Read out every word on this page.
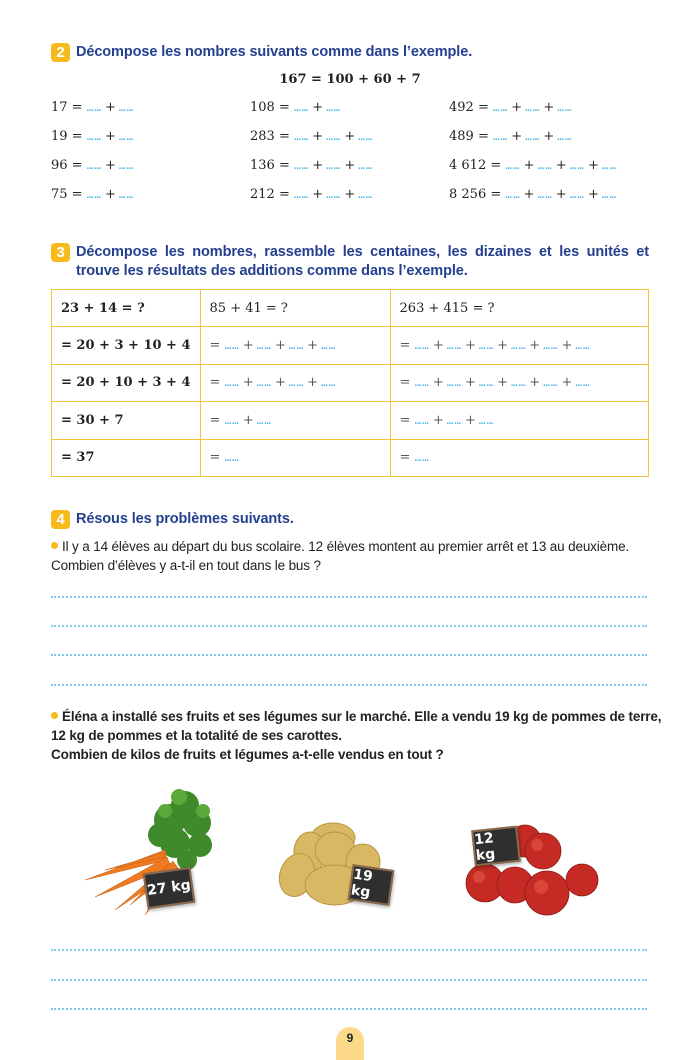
2 Décompose les nombres suivants comme dans l’exemple.
167 = 100 + 60 + 7
17 = …… + ……
19 = …… + ……
96 = …… + ……
75 = …… + ……
108 = …… + ……
283 = …… + …… + ……
136 = …… + …… + ……
212 = …… + …… + ……
492 = …… + …… + ……
489 = …… + …… + ……
4 612 = …… + …… + …… + ……
8 256 = …… + …… + …… + ……
3 Décompose les nombres, rassemble les centaines, les dizaines et les unités et trouve les résultats des additions comme dans l’exemple.
23 + 14 = ?	85 + 41 = ?	263 + 415 = ?
= 20 + 3 + 10 + 4	= …… + …… + …… + ……	= …… + …… + …… + …… + …… + ……
= 20 + 10 + 3 + 4	= …… + …… + …… + ……	= …… + …… + …… + …… + …… + ……
= 30 + 7	= …… + ……	= …… + …… + ……
= 37	= ……	= ……
4 Résous les problèmes suivants.
Il y a 14 élèves au départ du bus scolaire. 12 élèves montent au premier arrêt et 13 au deuxième.
Combien d’élèves y a-t-il en tout dans le bus ?
Éléna a installé ses fruits et ses légumes sur le marché. Elle a vendu 19 kg de pommes de terre,
12 kg de pommes et la totalité de ses carottes.
Combien de kilos de fruits et légumes a-t-elle vendus en tout ?
27 kg
19 kg
12 kg
9
